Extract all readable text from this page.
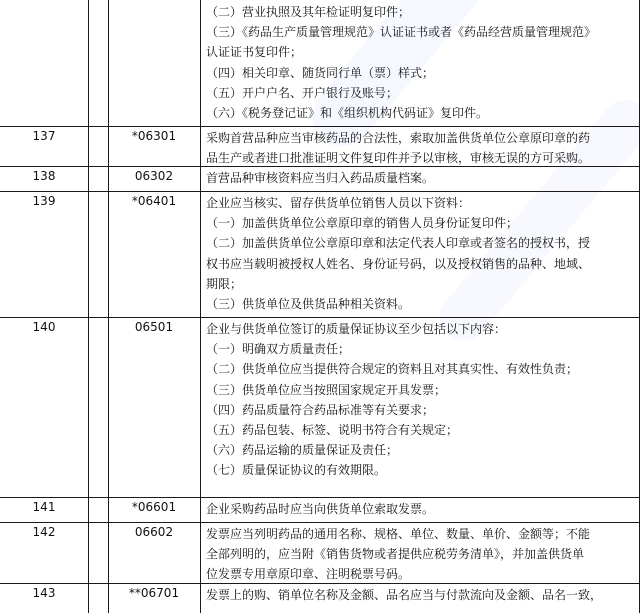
（二）营业执照及其年检证明复印件；
（三）《药品生产质量管理规范》认证证书或者《药品经营质量管理规范》
认证证书复印件；
（四）相关印章、随货同行单（票）样式；
（五）开户户名、开户银行及账号；
（六）《税务登记证》和《组织机构代码证》复印件。
137	*06301	采购首营品种应当审核药品的合法性，索取加盖供货单位公章原印章的药
品生产或者进口批准证明文件复印件并予以审核，审核无误的方可采购。
138	06302	首营品种审核资料应当归入药品质量档案。
139	*06401	企业应当核实、留存供货单位销售人员以下资料：
（一）加盖供货单位公章原印章的销售人员身份证复印件；
（二）加盖供货单位公章原印章和法定代表人印章或者签名的授权书，授
权书应当载明被授权人姓名、身份证号码，以及授权销售的品种、地域、
期限；
（三）供货单位及供货品种相关资料。
140	06501	企业与供货单位签订的质量保证协议至少包括以下内容：
（一）明确双方质量责任；
（二）供货单位应当提供符合规定的资料且对其真实性、有效性负责；
（三）供货单位应当按照国家规定开具发票；
（四）药品质量符合药品标准等有关要求；
（五）药品包装、标签、说明书符合有关规定；
（六）药品运输的质量保证及责任；
（七）质量保证协议的有效期限。
141	*06601	企业采购药品时应当向供货单位索取发票。
142	06602	发票应当列明药品的通用名称、规格、单位、数量、单价、金额等；不能
全部列明的，应当附《销售货物或者提供应税劳务清单》，并加盖供货单
位发票专用章原印章、注明税票号码。
143	**06701	发票上的购、销单位名称及金额、品名应当与付款流向及金额、品名一致，
